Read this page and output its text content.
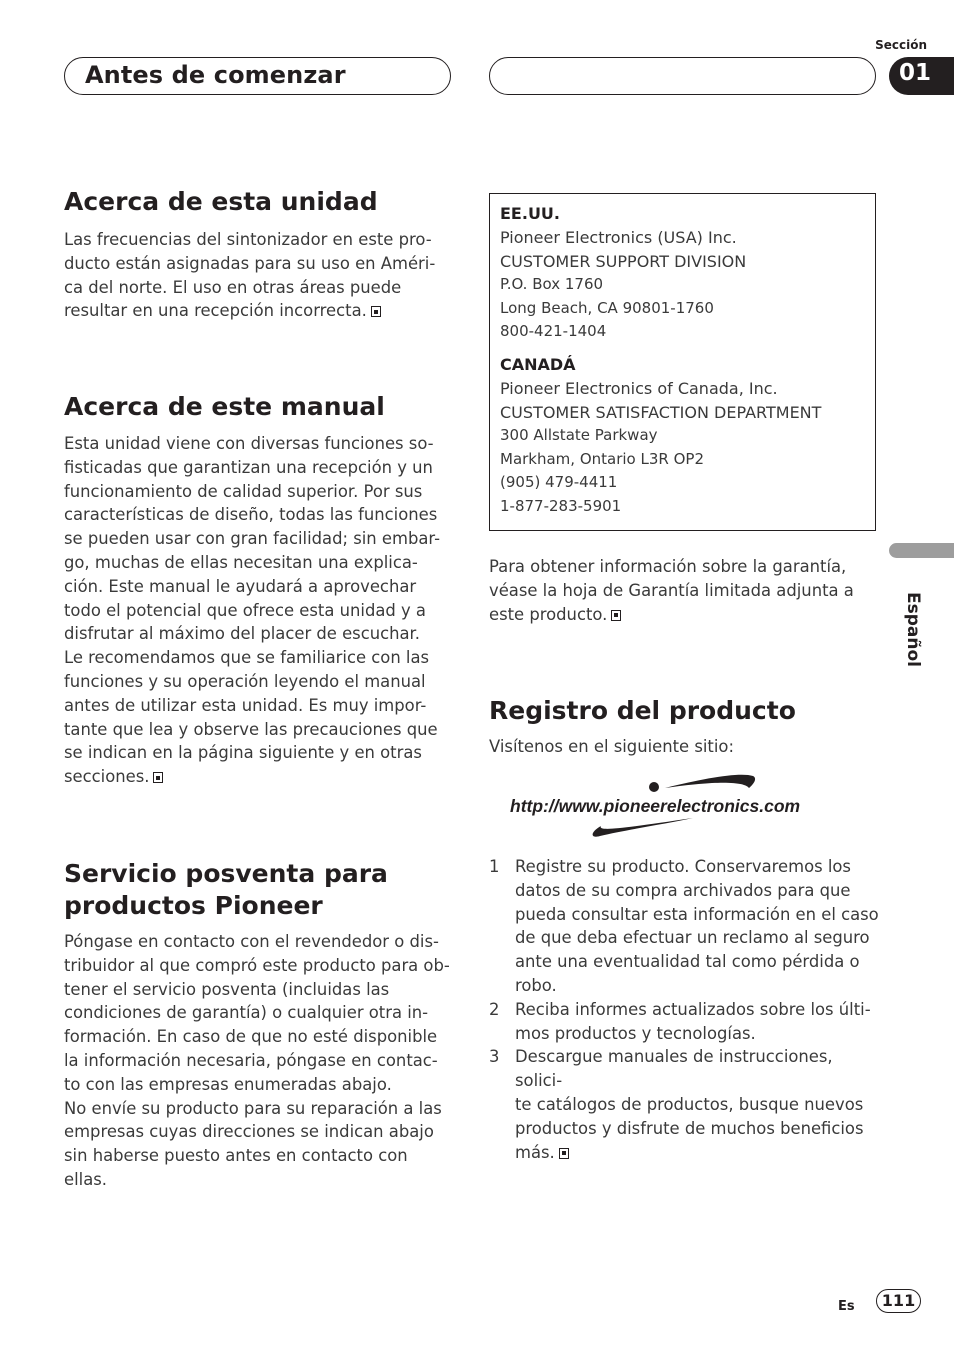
Antes de comenzar
Sección
01
Acerca de esta unidad
Las frecuencias del sintonizador en este pro-
ducto están asignadas para su uso en Améri-
ca del norte. El uso en otras áreas puede
resultar en una recepción incorrecta.
Acerca de este manual
Esta unidad viene con diversas funciones so-
fisticadas que garantizan una recepción y un
funcionamiento de calidad superior. Por sus
características de diseño, todas las funciones
se pueden usar con gran facilidad; sin embar-
go, muchas de ellas necesitan una explica-
ción. Este manual le ayudará a aprovechar
todo el potencial que ofrece esta unidad y a
disfrutar al máximo del placer de escuchar.
Le recomendamos que se familiarice con las
funciones y su operación leyendo el manual
antes de utilizar esta unidad. Es muy impor-
tante que lea y observe las precauciones que
se indican en la página siguiente y en otras
secciones.
Servicio posventa para
productos Pioneer
Póngase en contacto con el revendedor o dis-
tribuidor al que compró este producto para ob-
tener el servicio posventa (incluidas las
condiciones de garantía) o cualquier otra in-
formación. En caso de que no esté disponible
la información necesaria, póngase en contac-
to con las empresas enumeradas abajo.
No envíe su producto para su reparación a las
empresas cuyas direcciones se indican abajo
sin haberse puesto antes en contacto con
ellas.
EE.UU.
Pioneer Electronics (USA) Inc.
CUSTOMER SUPPORT DIVISION
P.O. Box 1760
Long Beach, CA 90801-1760
800-421-1404
CANADÁ
Pioneer Electronics of Canada, Inc.
CUSTOMER SATISFACTION DEPARTMENT
300 Allstate Parkway
Markham, Ontario L3R OP2
(905) 479-4411
1-877-283-5901
Para obtener información sobre la garantía,
véase la hoja de Garantía limitada adjunta a
este producto.
Registro del producto
Visítenos en el siguiente sitio:
http://www.pioneerelectronics.com
1 Registre su producto. Conservaremos los
datos de su compra archivados para que
pueda consultar esta información en el caso
de que deba efectuar un reclamo al seguro
ante una eventualidad tal como pérdida o
robo.
2 Reciba informes actualizados sobre los últi-
mos productos y tecnologías.
3 Descargue manuales de instrucciones, solici-
te catálogos de productos, busque nuevos
productos y disfrute de muchos beneficios
más.
Español
Es	111
